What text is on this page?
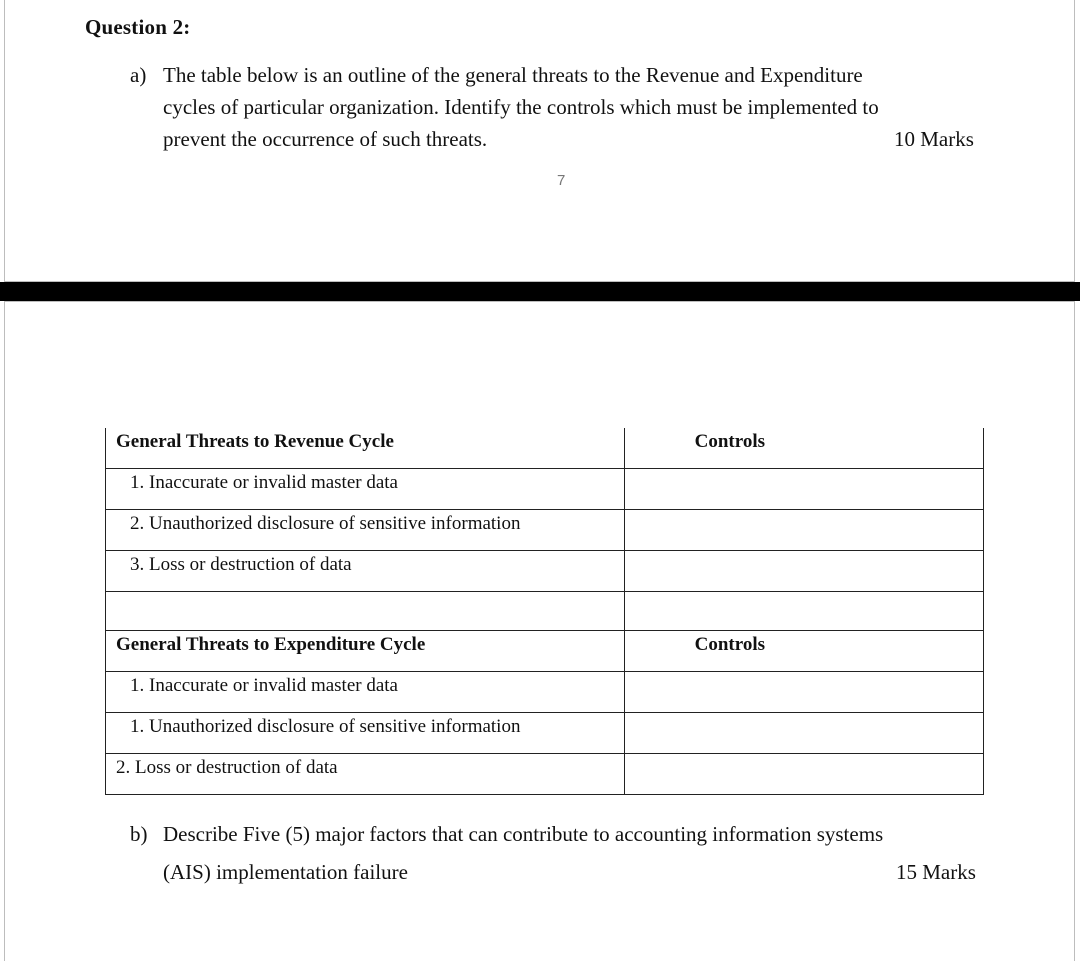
Question 2:
a) The table below is an outline of the general threats to the Revenue and Expenditure
cycles of particular organization. Identify the controls which must be implemented to
prevent the occurrence of such threats.	10 Marks
7
b) Describe Five (5) major factors that can contribute to accounting information systems
(AIS) implementation failure	15 Marks
General Threats to Revenue Cycle	Controls
1. Inaccurate or invalid master data	
2. Unauthorized disclosure of sensitive information	
3. Loss or destruction of data	

General Threats to Expenditure Cycle	Controls
1. Inaccurate or invalid master data	
1. Unauthorized disclosure of sensitive information	
2. Loss or destruction of data	
